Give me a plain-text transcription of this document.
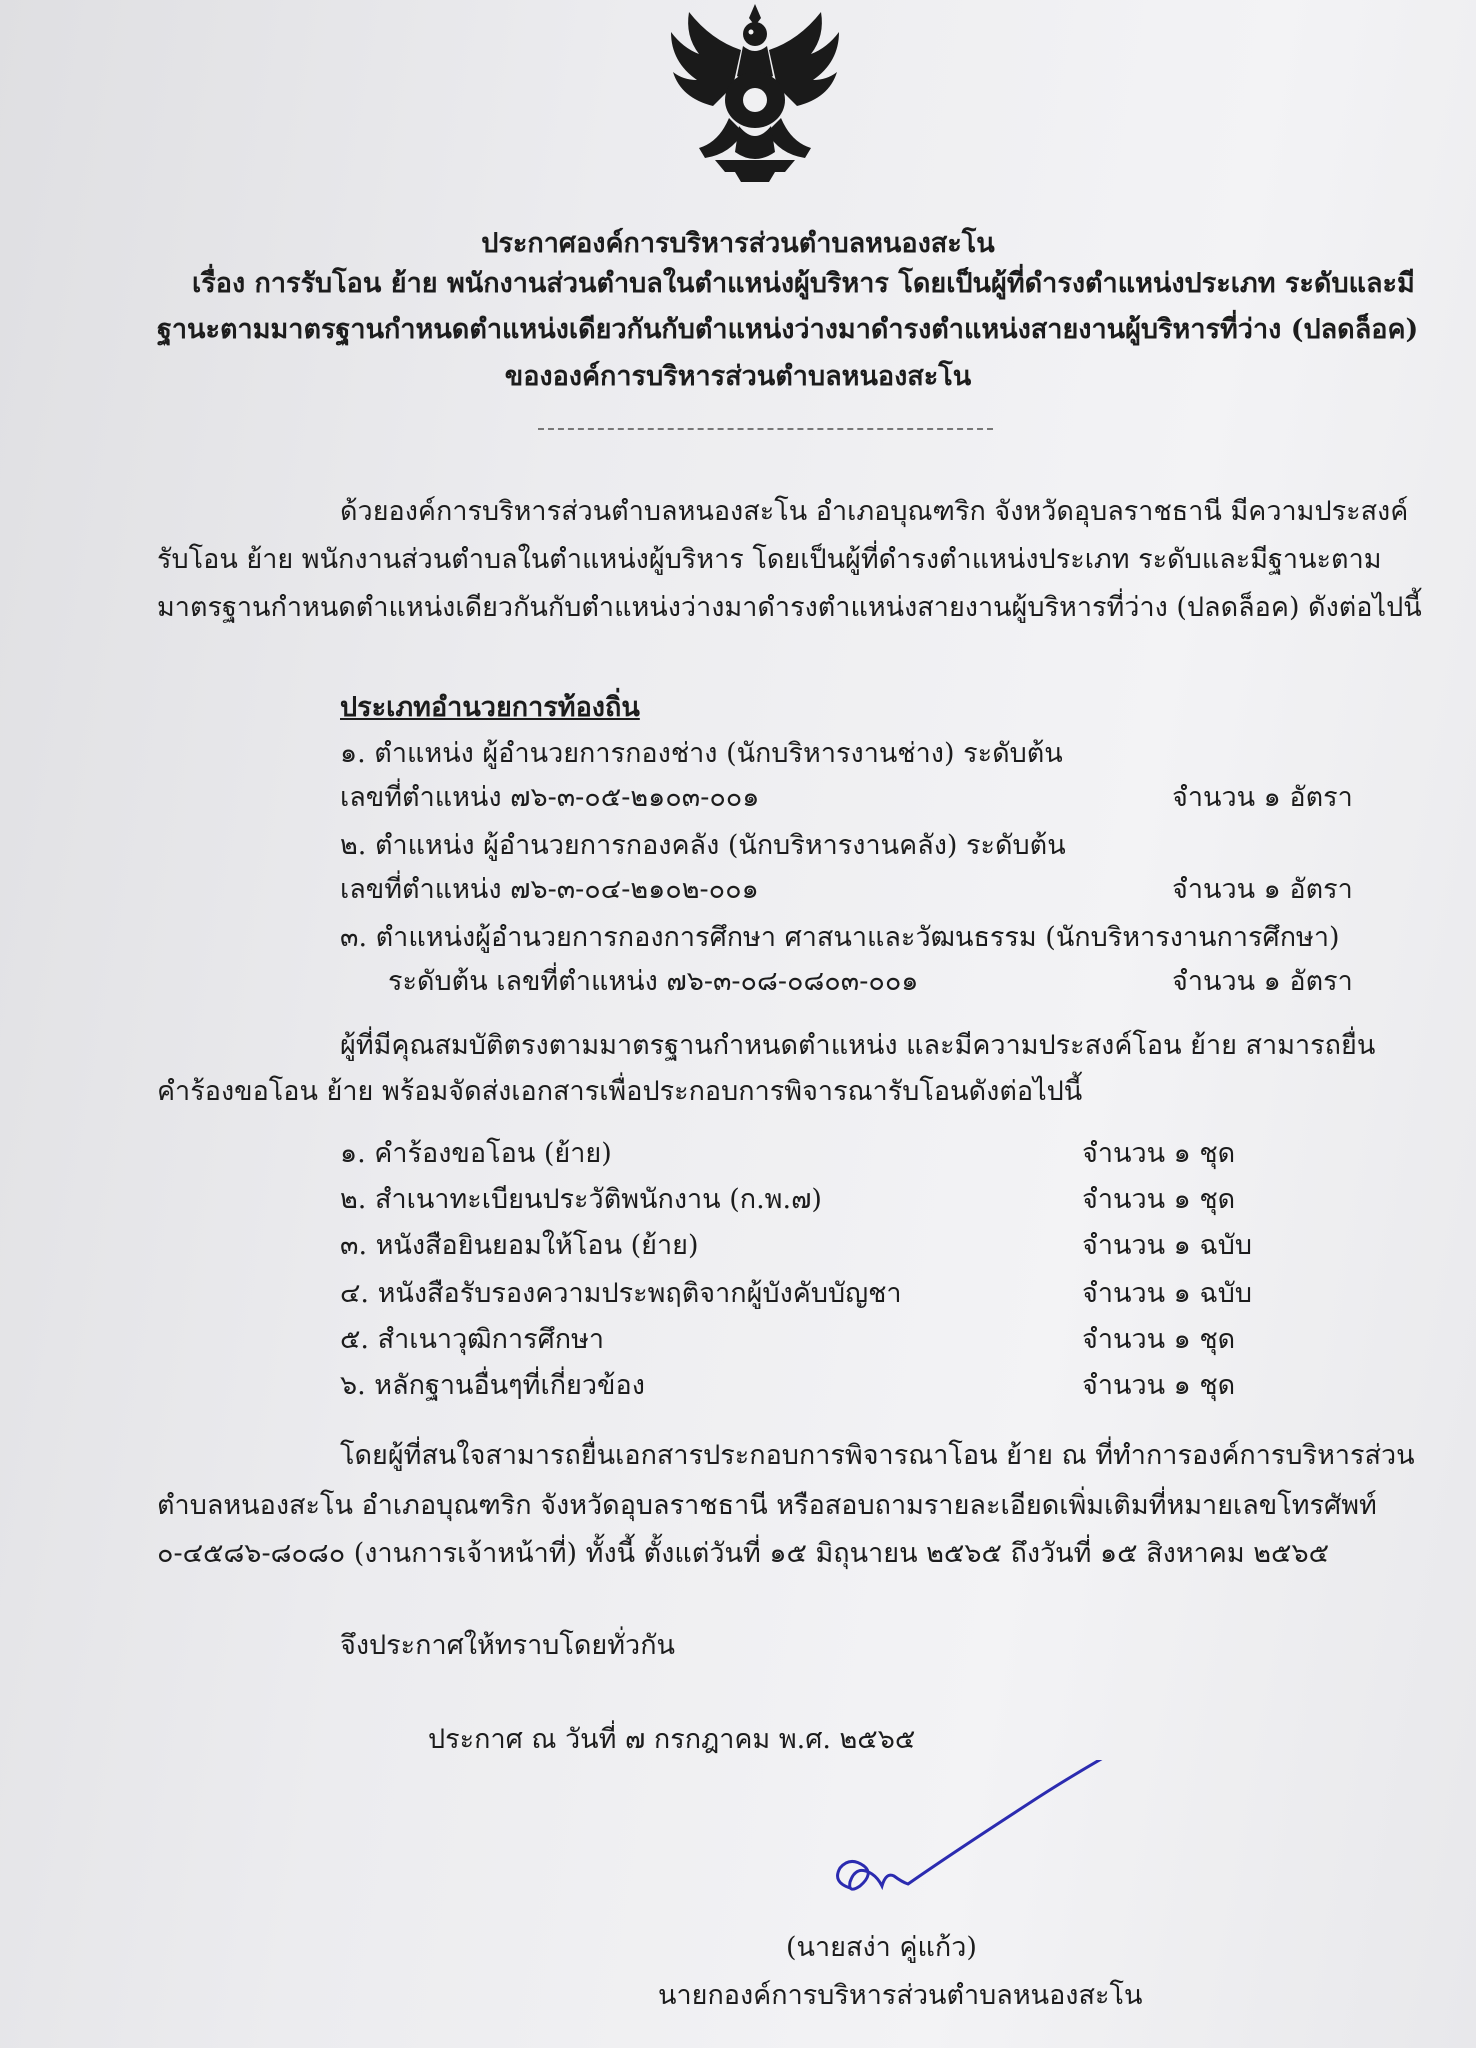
ประกาศองค์การบริหารส่วนตำบลหนองสะโน
เรื่อง การรับโอน ย้าย พนักงานส่วนตำบลในตำแหน่งผู้บริหาร โดยเป็นผู้ที่ดำรงตำแหน่งประเภท ระดับและมี
ฐานะตามมาตรฐานกำหนดตำแหน่งเดียวกันกับตำแหน่งว่างมาดำรงตำแหน่งสายงานผู้บริหารที่ว่าง (ปลดล็อค)
ขององค์การบริหารส่วนตำบลหนองสะโน
ด้วยองค์การบริหารส่วนตำบลหนองสะโน อำเภอบุณฑริก จังหวัดอุบลราชธานี มีความประสงค์
รับโอน ย้าย พนักงานส่วนตำบลในตำแหน่งผู้บริหาร โดยเป็นผู้ที่ดำรงตำแหน่งประเภท ระดับและมีฐานะตาม
มาตรฐานกำหนดตำแหน่งเดียวกันกับตำแหน่งว่างมาดำรงตำแหน่งสายงานผู้บริหารที่ว่าง (ปลดล็อค) ดังต่อไปนี้
ประเภทอำนวยการท้องถิ่น
๑. ตำแหน่ง ผู้อำนวยการกองช่าง (นักบริหารงานช่าง) ระดับต้น
เลขที่ตำแหน่ง ๗๖-๓-๐๕-๒๑๐๓-๐๐๑	จำนวน ๑ อัตรา
๒. ตำแหน่ง ผู้อำนวยการกองคลัง (นักบริหารงานคลัง) ระดับต้น
เลขที่ตำแหน่ง ๗๖-๓-๐๔-๒๑๐๒-๐๐๑	จำนวน ๑ อัตรา
๓. ตำแหน่งผู้อำนวยการกองการศึกษา ศาสนาและวัฒนธรรม (นักบริหารงานการศึกษา)
ระดับต้น เลขที่ตำแหน่ง ๗๖-๓-๐๘-๐๘๐๓-๐๐๑	จำนวน ๑ อัตรา
ผู้ที่มีคุณสมบัติตรงตามมาตรฐานกำหนดตำแหน่ง และมีความประสงค์โอน ย้าย สามารถยื่น
คำร้องขอโอน ย้าย พร้อมจัดส่งเอกสารเพื่อประกอบการพิจารณารับโอนดังต่อไปนี้
๑. คำร้องขอโอน (ย้าย)	จำนวน ๑ ชุด
๒. สำเนาทะเบียนประวัติพนักงาน (ก.พ.๗)	จำนวน ๑ ชุด
๓. หนังสือยินยอมให้โอน (ย้าย)	จำนวน ๑ ฉบับ
๔. หนังสือรับรองความประพฤติจากผู้บังคับบัญชา	จำนวน ๑ ฉบับ
๕. สำเนาวุฒิการศึกษา	จำนวน ๑ ชุด
๖. หลักฐานอื่นๆที่เกี่ยวข้อง	จำนวน ๑ ชุด
โดยผู้ที่สนใจสามารถยื่นเอกสารประกอบการพิจารณาโอน ย้าย ณ ที่ทำการองค์การบริหารส่วน
ตำบลหนองสะโน อำเภอบุณฑริก จังหวัดอุบลราชธานี หรือสอบถามรายละเอียดเพิ่มเติมที่หมายเลขโทรศัพท์
๐-๔๕๘๖-๘๐๘๐ (งานการเจ้าหน้าที่) ทั้งนี้ ตั้งแต่วันที่ ๑๕ มิถุนายน ๒๕๖๕ ถึงวันที่ ๑๕ สิงหาคม ๒๕๖๕
จึงประกาศให้ทราบโดยทั่วกัน
ประกาศ ณ วันที่ ๗ กรกฎาคม พ.ศ. ๒๕๖๕
(นายสง่า คู่แก้ว)
นายกองค์การบริหารส่วนตำบลหนองสะโน
